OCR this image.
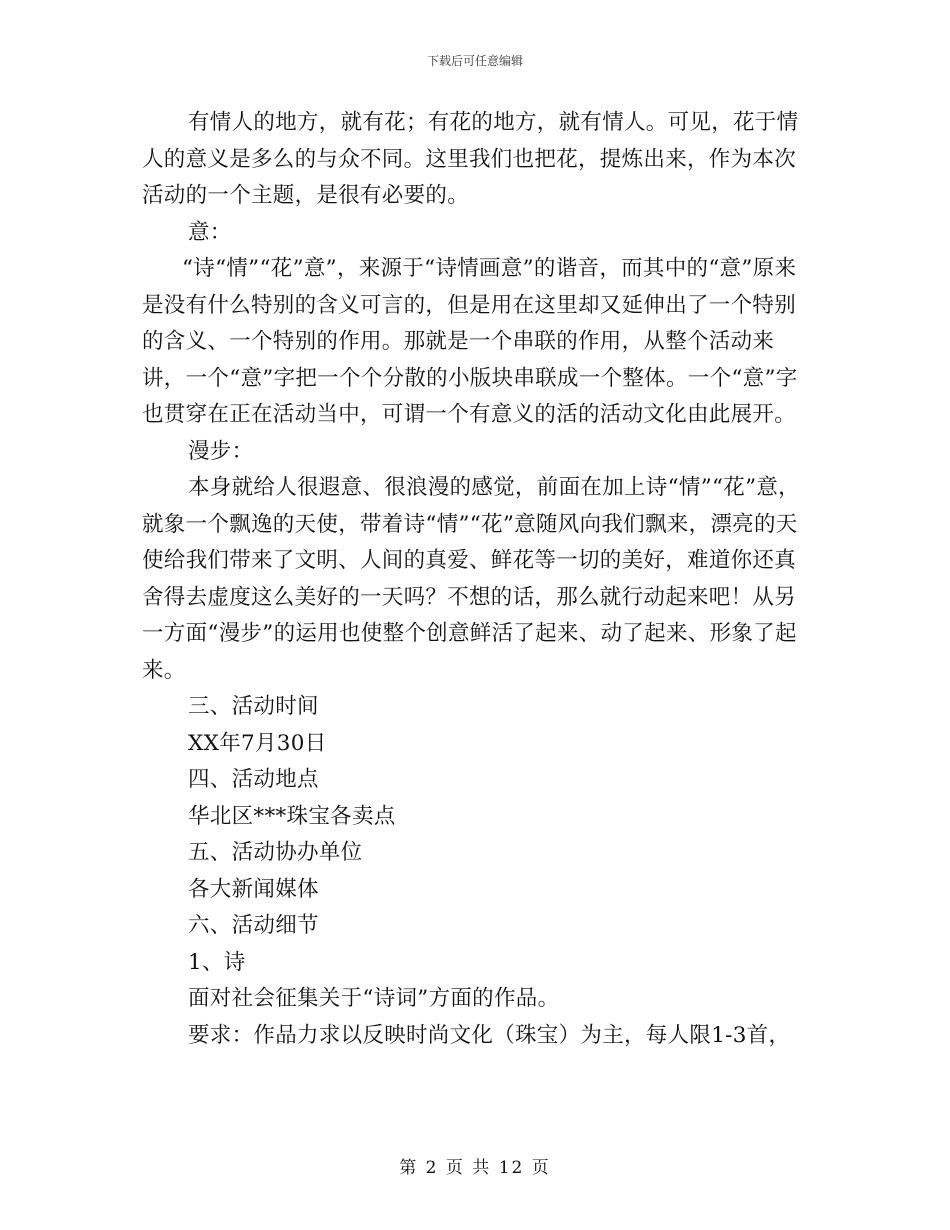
下载后可任意编辑

有情人的地方，就有花；有花的地方，就有情人。可见，花于情人的意义是多么的与众不同。这里我们也把花，提炼出来，作为本次活动的一个主题，是很有必要的。

意：

“诗“情”“花”意”，来源于“诗情画意”的谐音，而其中的“意”原来是没有什么特别的含义可言的，但是用在这里却又延伸出了一个特别的含义、一个特别的作用。那就是一个串联的作用，从整个活动来讲，一个“意”字把一个个分散的小版块串联成一个整体。一个“意”字也贯穿在正在活动当中，可谓一个有意义的活的活动文化由此展开。

漫步：

本身就给人很遐意、很浪漫的感觉，前面在加上诗“情”“花”意，就象一个飘逸的天使，带着诗“情”“花”意随风向我们飘来，漂亮的天使给我们带来了文明、人间的真爱、鲜花等一切的美好，难道你还真舍得去虚度这么美好的一天吗？不想的话，那么就行动起来吧！从另一方面“漫步”的运用也使整个创意鲜活了起来、动了起来、形象了起来。

三、活动时间

XX年7月30日

四、活动地点

华北区***珠宝各卖点

五、活动协办单位

各大新闻媒体

六、活动细节

1、诗

面对社会征集关于“诗词”方面的作品。

要求：作品力求以反映时尚文化（珠宝）为主，每人限1-3首，

第 2 页 共 12 页
